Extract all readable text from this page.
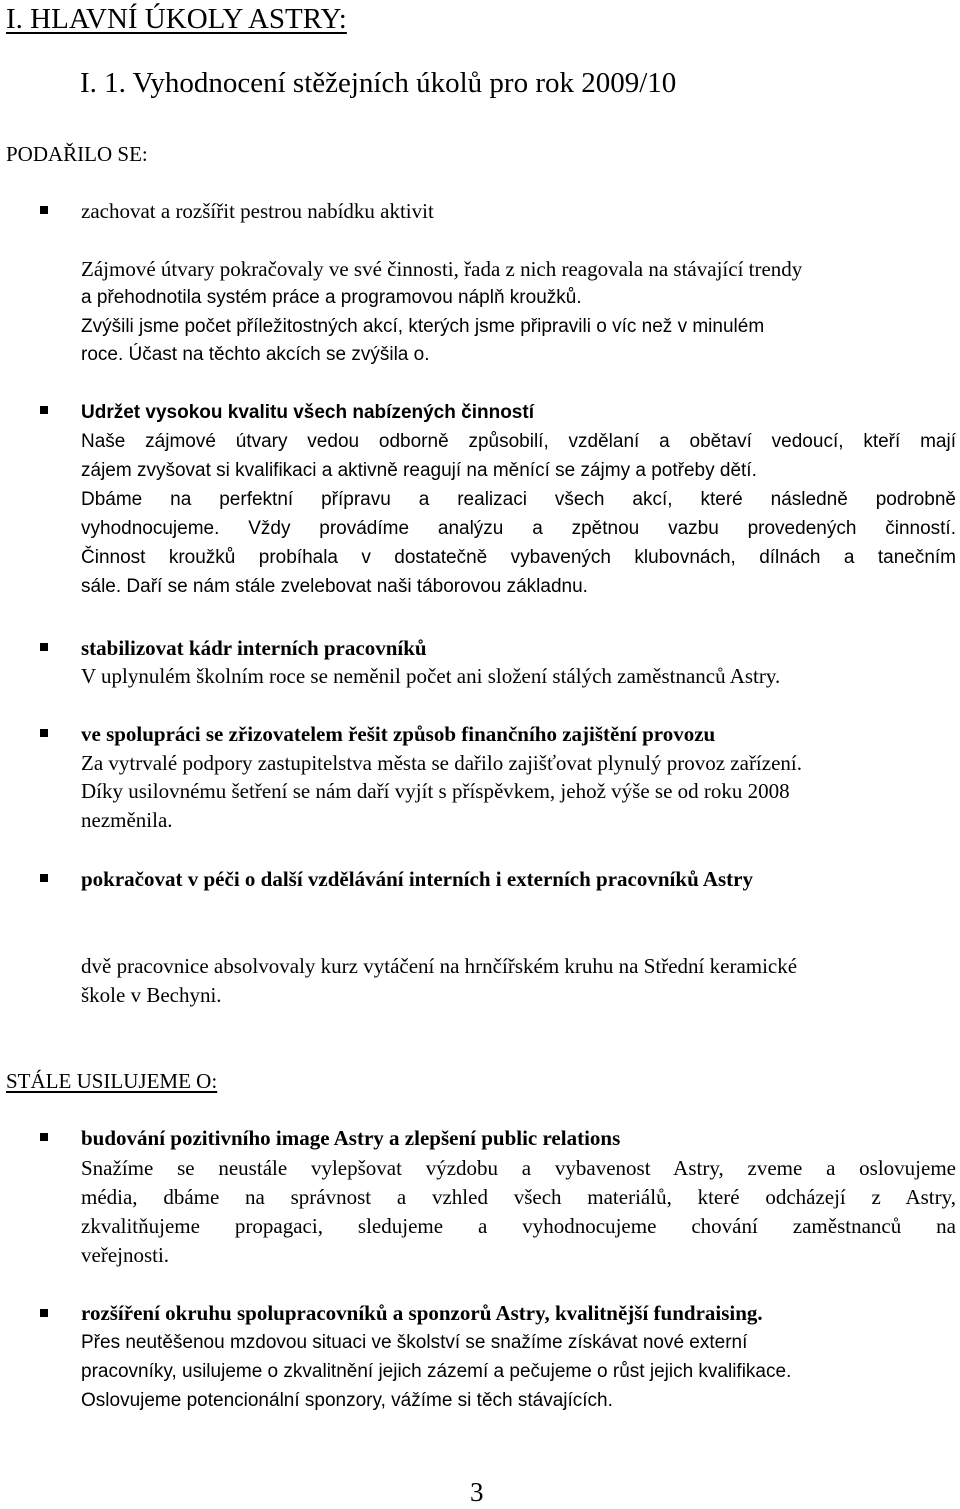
I. HLAVNÍ ÚKOLY ASTRY:
I. 1. Vyhodnocení stěžejních úkolů pro rok 2009/10
PODAŘILO SE:
zachovat a rozšířit pestrou nabídku aktivit
Zájmové útvary pokračovaly ve své činnosti, řada z nich reagovala na stávající trendy
a přehodnotila systém práce a programovou náplň kroužků.
Zvýšili jsme počet příležitostných akcí, kterých jsme připravili o víc než v minulém
roce. Účast na těchto akcích se zvýšila o.
Udržet vysokou kvalitu všech nabízených činností
Naše zájmové útvary vedou odborně způsobilí, vzdělaní a obětaví vedoucí, kteří mají
zájem zvyšovat si kvalifikaci a aktivně reagují na měnící se zájmy a potřeby dětí.
Dbáme na perfektní přípravu a realizaci všech akcí, které následně podrobně
vyhodnocujeme. Vždy provádíme analýzu a zpětnou vazbu provedených činností.
Činnost kroužků probíhala v dostatečně vybavených klubovnách, dílnách a tanečním
sále. Daří se nám stále zvelebovat naši táborovou základnu.
stabilizovat kádr interních pracovníků
V uplynulém školním roce se neměnil počet ani složení stálých zaměstnanců Astry.
ve spolupráci se zřizovatelem řešit způsob finančního zajištění provozu
Za vytrvalé podpory zastupitelstva města se dařilo zajišťovat plynulý provoz zařízení.
Díky usilovnému šetření se nám daří vyjít s příspěvkem, jehož výše se od roku 2008
nezměnila.
pokračovat v péči o další vzdělávání interních i externích pracovníků Astry
dvě pracovnice absolvovaly kurz vytáčení na hrnčířském kruhu na Střední keramické
škole v Bechyni.
STÁLE USILUJEME O:
budování pozitivního image Astry a zlepšení public relations
Snažíme se neustále vylepšovat výzdobu a vybavenost Astry, zveme a oslovujeme
média, dbáme na správnost a vzhled všech materiálů, které odcházejí z Astry,
zkvalitňujeme propagaci, sledujeme a vyhodnocujeme chování zaměstnanců na
veřejnosti.
rozšíření okruhu spolupracovníků a sponzorů Astry, kvalitnější fundraising.
Přes neutěšenou mzdovou situaci ve školství se snažíme získávat nové externí
pracovníky, usilujeme o zkvalitnění jejich zázemí a pečujeme o růst jejich kvalifikace.
Oslovujeme potencionální sponzory, vážíme si těch stávajících.
3
